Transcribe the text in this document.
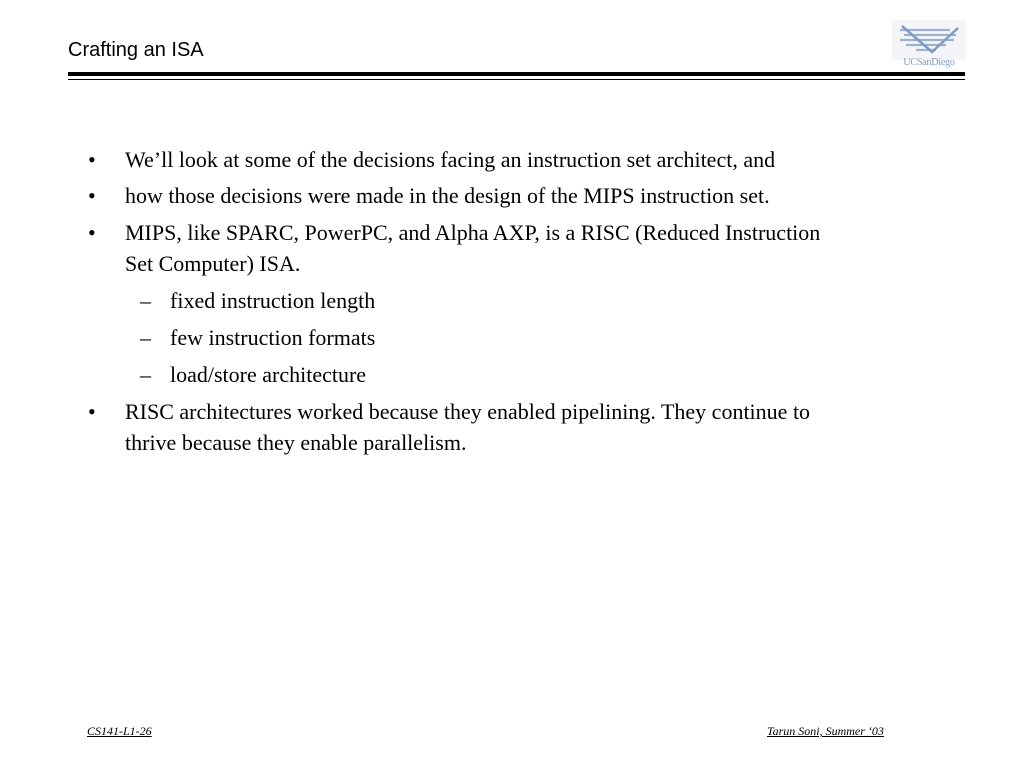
Crafting an ISA
UCSanDiego
•	We’ll look at some of the decisions facing an instruction set architect, and
•	how those decisions were made in the design of the MIPS instruction set.
•	MIPS, like SPARC, PowerPC, and Alpha AXP, is a RISC (Reduced Instruction
Set Computer) ISA.
– fixed instruction length
– few instruction formats
– load/store architecture
•	RISC architectures worked because they enabled pipelining. They continue to
thrive because they enable parallelism.
CS141-L1-26	Tarun Soni, Summer ‘03
